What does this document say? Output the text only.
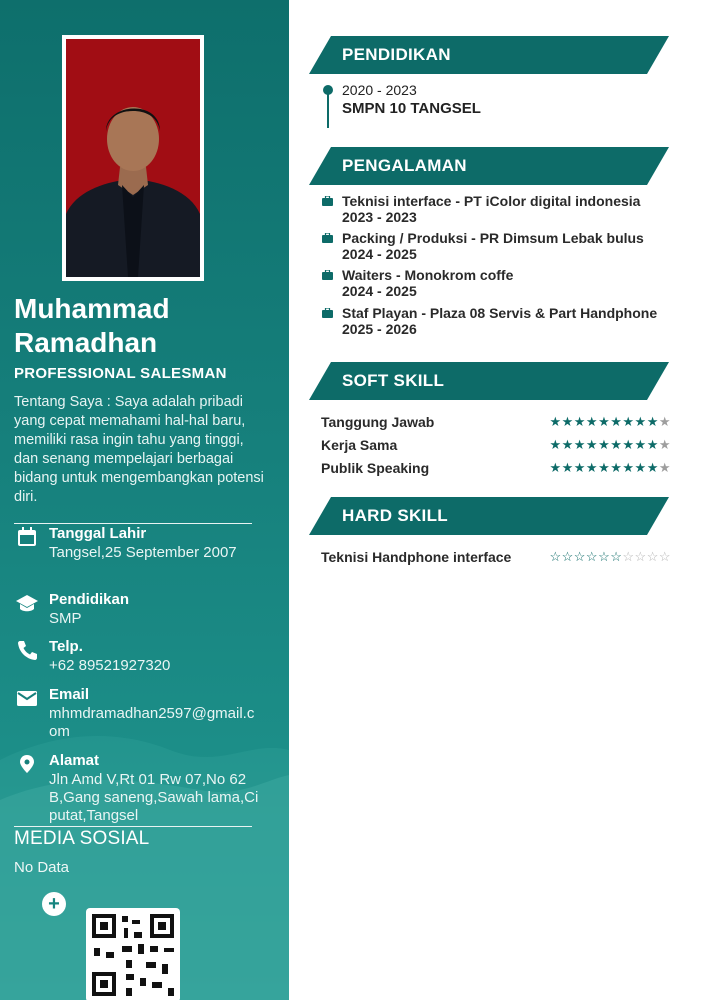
Muhammad
Ramadhan
PROFESSIONAL SALESMAN
Tentang Saya : Saya adalah pribadi yang cepat memahami hal-hal baru, memiliki rasa ingin tahu yang tinggi, dan senang mempelajari berbagai bidang untuk mengembangkan potensi diri.
Tanggal Lahir
Tangsel,25 September 2007
Pendidikan
SMP
Telp.
+62 89521927320
Email
mhmdramadhan2597@gmail.com
Alamat
Jln Amd V,Rt 01 Rw 07,No 62B,Gang saneng,Sawah lama,Ciputat,Tangsel
MEDIA SOSIAL
No Data
+
PENDIDIKAN
2020 - 2023
SMPN 10 TANGSEL
PENGALAMAN
Teknisi interface - PT iColor digital indonesia
2023 - 2023
Packing / Produksi - PR Dimsum Lebak bulus
2024 - 2025
Waiters - Monokrom coffe
2024 - 2025
Staf Playan - Plaza 08 Servis & Part Handphone
2025 - 2026
SOFT SKILL
Tanggung Jawab	★★★★★★★★★★
Kerja Sama	★★★★★★★★★★
Publik Speaking	★★★★★★★★★★
HARD SKILL
Teknisi Handphone interface	☆☆☆☆☆☆☆☆☆☆
